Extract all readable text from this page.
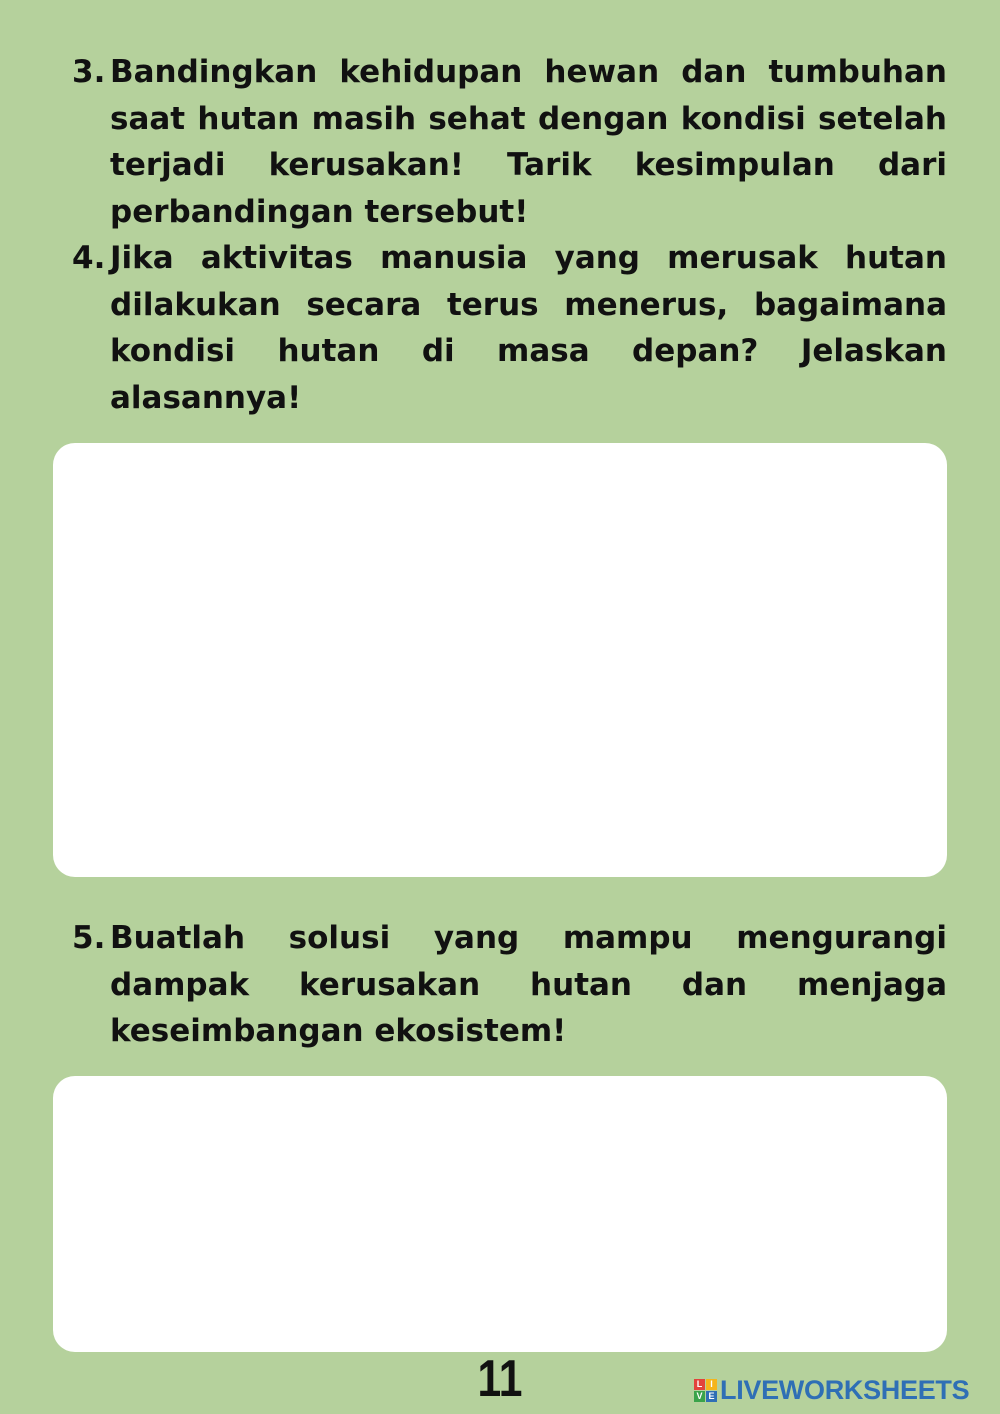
3. Bandingkan kehidupan hewan dan tumbuhan saat hutan masih sehat dengan kondisi setelah terjadi kerusakan! Tarik kesimpulan dari perbandingan tersebut!
4. Jika aktivitas manusia yang merusak hutan dilakukan secara terus menerus, bagaimana kondisi hutan di masa depan? Jelaskan alasannya!
5. Buatlah solusi yang mampu mengurangi dampak kerusakan hutan dan menjaga keseimbangan ekosistem!
11	L I
V E LIVEWORKSHEETS
